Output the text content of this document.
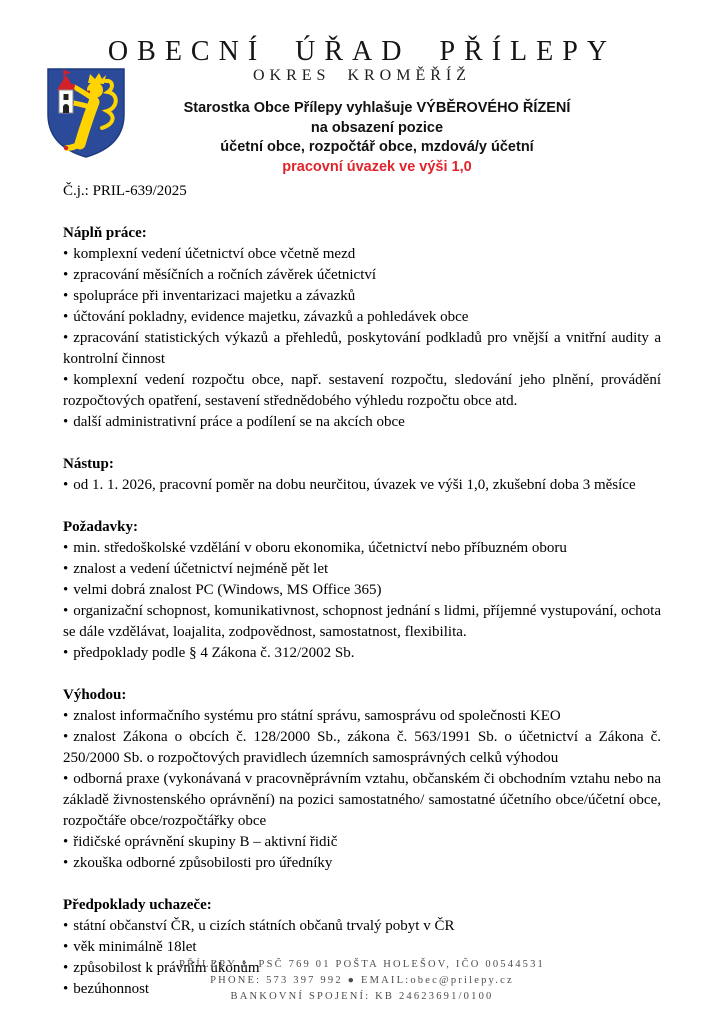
OBECNÍ ÚŘAD PŘÍLEPY
OKRES KROMĚŘÍŽ
Starostka Obce Přílepy vyhlašuje VÝBĚROVÉHO ŘÍZENÍ
na obsazení pozice
účetní obce, rozpočtář obce, mzdová/y účetní
pracovní úvazek ve výši 1,0

Č.j.: PRIL-639/2025

Náplň práce:

• komplexní vedení účetnictví obce včetně mezd

• zpracování měsíčních a ročních závěrek účetnictví

• spolupráce při inventarizaci majetku a závazků

• účtování pokladny, evidence majetku, závazků a pohledávek obce

• zpracování statistických výkazů a přehledů, poskytování podkladů pro vnější a vnitřní audity a kontrolní činnost

• komplexní vedení rozpočtu obce, např. sestavení rozpočtu, sledování jeho plnění, provádění rozpočtových opatření, sestavení střednědobého výhledu rozpočtu obce atd.

• další administrativní práce a podílení se na akcích obce

Nástup:

• od 1. 1. 2026, pracovní poměr na dobu neurčitou, úvazek ve výši 1,0, zkušební doba 3 měsíce

Požadavky:

• min. středoškolské vzdělání v oboru ekonomika, účetnictví nebo příbuzném oboru

• znalost a vedení účetnictví nejméně pět let

• velmi dobrá znalost PC (Windows, MS Office 365)

• organizační schopnost, komunikativnost, schopnost jednání s lidmi, příjemné vystupování, ochota se dále vzdělávat, loajalita, zodpovědnost, samostatnost, flexibilita.

• předpoklady podle § 4 Zákona č. 312/2002 Sb.

Výhodou:

• znalost informačního systému pro státní správu, samosprávu od společnosti KEO

• znalost Zákona o obcích č. 128/2000 Sb., zákona č. 563/1991 Sb. o účetnictví a Zákona č. 250/2000 Sb. o rozpočtových pravidlech územních samosprávných celků výhodou

• odborná praxe (vykonávaná v pracovněprávním vztahu, občanském či obchodním vztahu nebo na základě živnostenského oprávnění) na pozici samostatného/ samostatné účetního obce/účetní obce, rozpočtáře obce/rozpočtářky obce

• řidičské oprávnění skupiny B – aktivní řidič

• zkouška odborné způsobilosti pro úředníky

Předpoklady uchazeče:

• státní občanství ČR, u cizích státních občanů trvalý pobyt v ČR

• věk minimálně 18let

• způsobilost k právním úkonům

• bezúhonnost

PŘÍLEPY 1, PSČ 769 01 POŠTA HOLEŠOV, IČO 00544531
PHONE: 573 397 992 ● EMAIL:obec@prilepy.cz
BANKOVNÍ SPOJENÍ: KB 24623691/0100
